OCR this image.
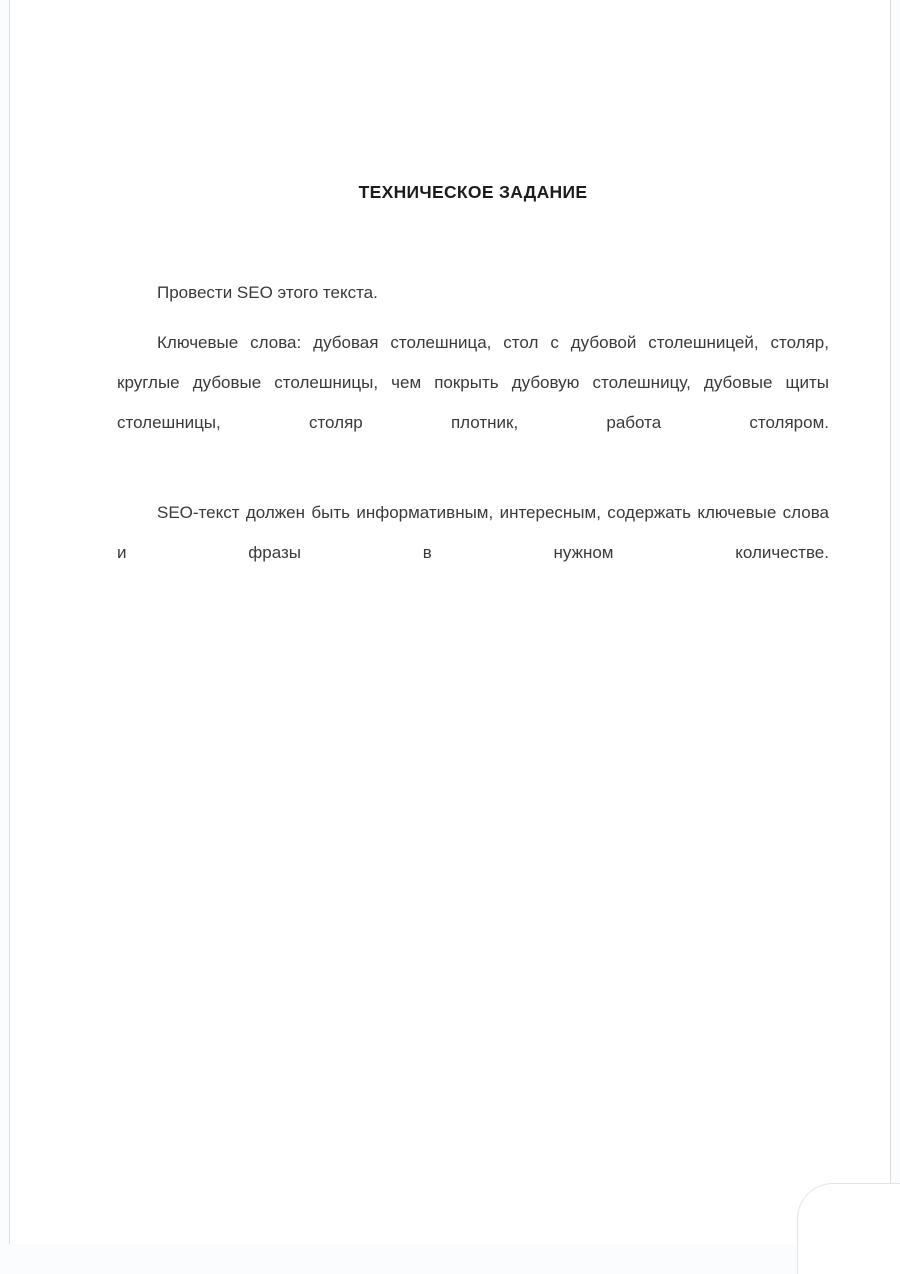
ТЕХНИЧЕСКОЕ ЗАДАНИЕ

Провести SEO этого текста.

Ключевые слова: дубовая столешница, стол с дубовой столешницей, столяр, круглые дубовые столешницы, чем покрыть дубовую столешницу, дубовые щиты столешницы, столяр плотник, работа столяром.

SEO-текст должен быть информативным, интересным, содержать ключевые слова и фразы в нужном количестве.
